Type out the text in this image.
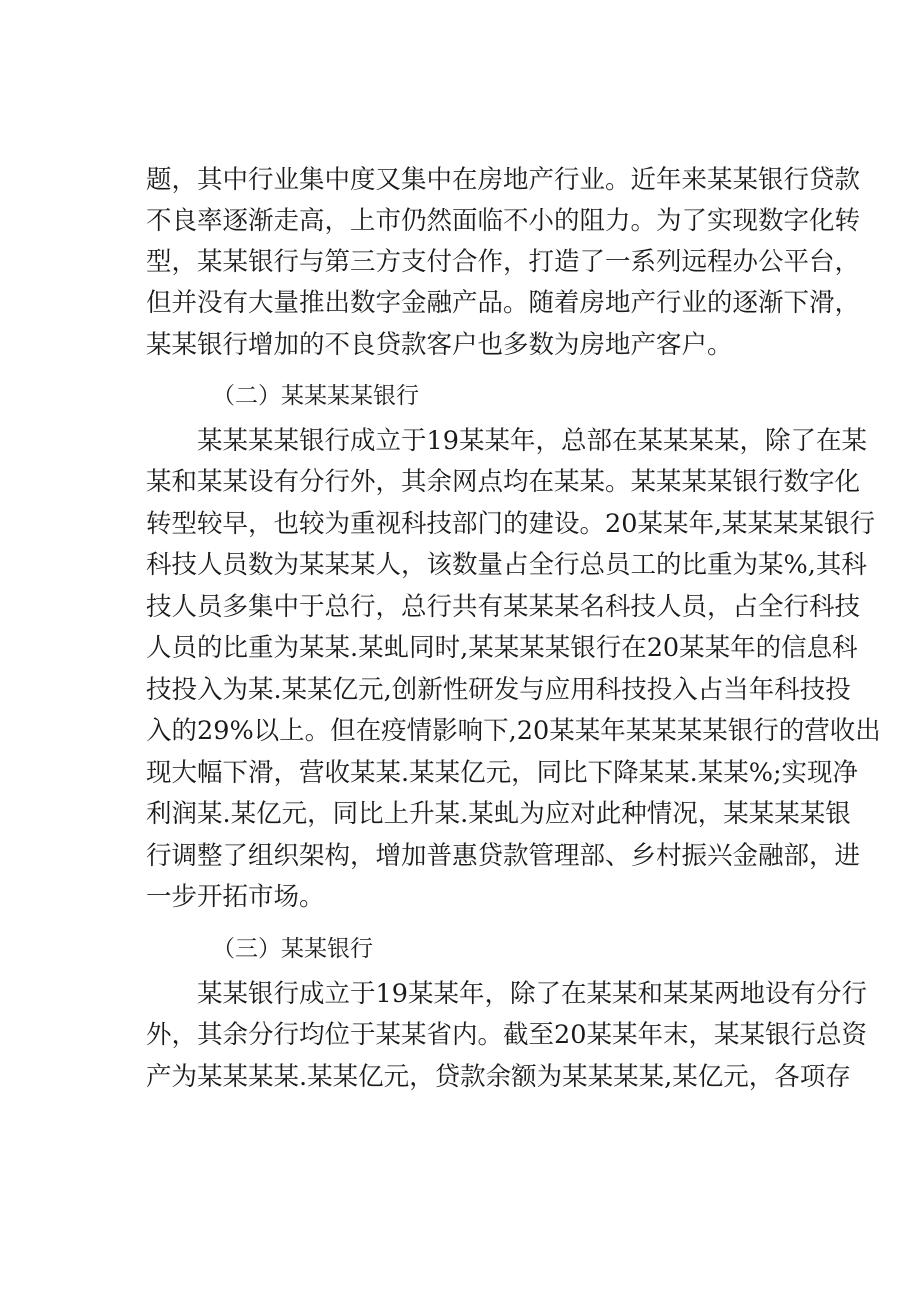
题，其中行业集中度又集中在房地产行业。近年来某某银行贷款
不良率逐渐走高，上市仍然面临不小的阻力。为了实现数字化转
型，某某银行与第三方支付合作，打造了一系列远程办公平台，
但并没有大量推出数字金融产品。随着房地产行业的逐渐下滑，
某某银行增加的不良贷款客户也多数为房地产客户。
（二）某某某某银行
某某某某银行成立于19某某年，总部在某某某某，除了在某
某和某某设有分行外，其余网点均在某某。某某某某银行数字化
转型较早，也较为重视科技部门的建设。20某某年,某某某某银行
科技人员数为某某某人，该数量占全行总员工的比重为某%,其科
技人员多集中于总行，总行共有某某某名科技人员，占全行科技
人员的比重为某某.某虬同时,某某某某银行在20某某年的信息科
技投入为某.某某亿元,创新性研发与应用科技投入占当年科技投
入的29%以上。但在疫情影响下,20某某年某某某某银行的营收出
现大幅下滑，营收某某.某某亿元，同比下降某某.某某%;实现净
利润某.某亿元，同比上升某.某虬为应对此种情况，某某某某银
行调整了组织架构，增加普惠贷款管理部、乡村振兴金融部，进
一步开拓市场。
（三）某某银行
某某银行成立于19某某年，除了在某某和某某两地设有分行
外，其余分行均位于某某省内。截至20某某年末，某某银行总资
产为某某某某.某某亿元，贷款余额为某某某某,某亿元，各项存
